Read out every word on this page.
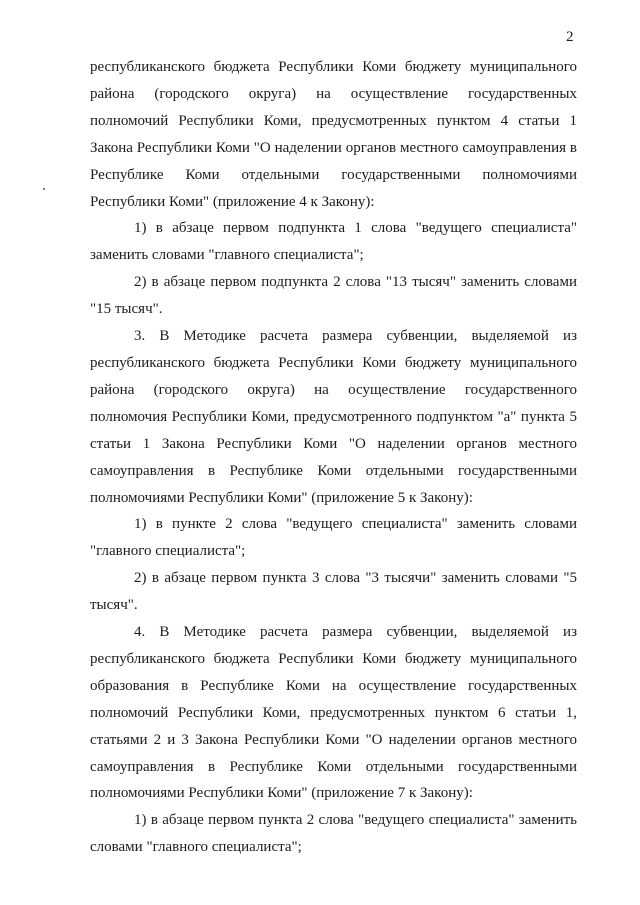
2

республиканского бюджета Республики Коми бюджету муниципального района (городского округа) на осуществление государственных полномочий Республики Коми, предусмотренных пунктом 4 статьи 1 Закона Республики Коми "О наделении органов местного самоуправления в Республике Коми отдельными государственными полномочиями Республики Коми" (приложение 4 к Закону):

1) в абзаце первом подпункта 1 слова "ведущего специалиста" заменить словами "главного специалиста";

2) в абзаце первом подпункта 2 слова "13 тысяч" заменить словами "15 тысяч".

3. В Методике расчета размера субвенции, выделяемой из республиканского бюджета Республики Коми бюджету муниципального района (городского округа) на осуществление государственного полномочия Республики Коми, предусмотренного подпунктом "а" пункта 5 статьи 1 Закона Республики Коми "О наделении органов местного самоуправления в Республике Коми отдельными государственными полномочиями Республики Коми" (приложение 5 к Закону):

1) в пункте 2 слова "ведущего специалиста" заменить словами "главного специалиста";

2) в абзаце первом пункта 3 слова "3 тысячи" заменить словами "5 тысяч".

4. В Методике расчета размера субвенции, выделяемой из республиканского бюджета Республики Коми бюджету муниципального образования в Республике Коми на осуществление государственных полномочий Республики Коми, предусмотренных пунктом 6 статьи 1, статьями 2 и 3 Закона Республики Коми "О наделении органов местного самоуправления в Республике Коми отдельными государственными полномочиями Республики Коми" (приложение 7 к Закону):

1) в абзаце первом пункта 2 слова "ведущего специалиста" заменить словами "главного специалиста";
